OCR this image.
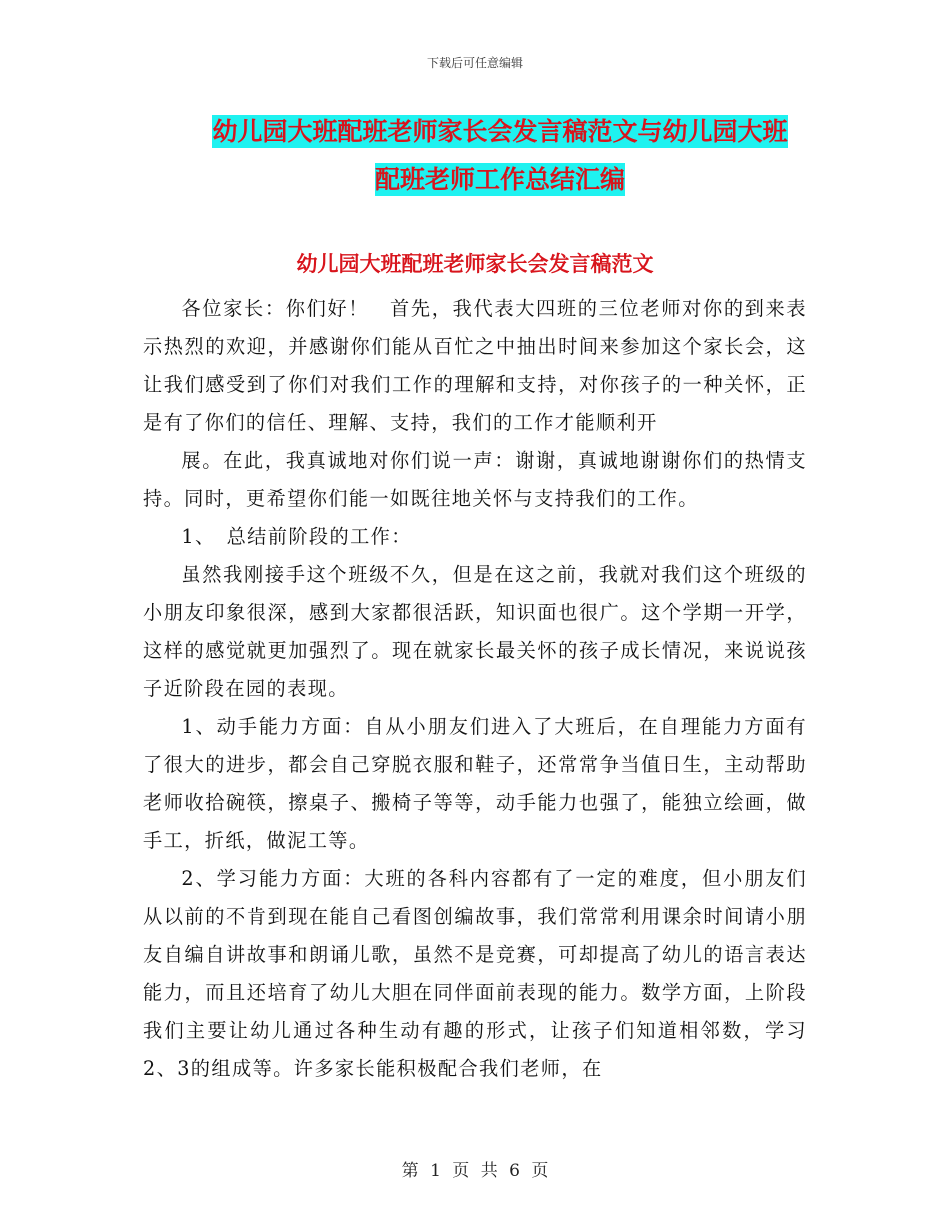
下载后可任意编辑
幼儿园大班配班老师家长会发言稿范文与幼儿园大班
配班老师工作总结汇编
幼儿园大班配班老师家长会发言稿范文

各位家长：你们好！　首先，我代表大四班的三位老师对你的到来表示热烈的欢迎，并感谢你们能从百忙之中抽出时间来参加这个家长会，这让我们感受到了你们对我们工作的理解和支持，对你孩子的一种关怀，正是有了你们的信任、理解、支持，我们的工作才能顺利开

展。在此，我真诚地对你们说一声：谢谢，真诚地谢谢你们的热情支持。同时，更希望你们能一如既往地关怀与支持我们的工作。

1、　总结前阶段的工作：

虽然我刚接手这个班级不久，但是在这之前，我就对我们这个班级的小朋友印象很深，感到大家都很活跃，知识面也很广。这个学期一开学，这样的感觉就更加强烈了。现在就家长最关怀的孩子成长情况，来说说孩子近阶段在园的表现。

1、动手能力方面：自从小朋友们进入了大班后，在自理能力方面有了很大的进步，都会自己穿脱衣服和鞋子，还常常争当值日生，主动帮助老师收拾碗筷，擦桌子、搬椅子等等，动手能力也强了，能独立绘画，做手工，折纸，做泥工等。

2、学习能力方面：大班的各科内容都有了一定的难度，但小朋友们从以前的不肯到现在能自己看图创编故事，我们常常利用课余时间请小朋友自编自讲故事和朗诵儿歌，虽然不是竞赛，可却提高了幼儿的语言表达能力，而且还培育了幼儿大胆在同伴面前表现的能力。数学方面，上阶段我们主要让幼儿通过各种生动有趣的形式，让孩子们知道相邻数，学习2、3的组成等。许多家长能积极配合我们老师，在

第 1 页 共 6 页
